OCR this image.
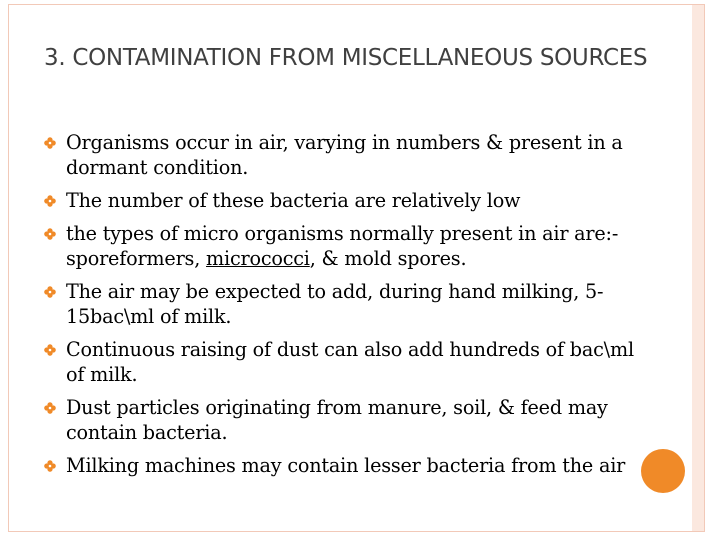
3. CONTAMINATION FROM MISCELLANEOUS SOURCES
Organisms occur in air, varying in numbers & present in a dormant condition.
The number of these bacteria are relatively low
the types of micro organisms normally present in air are:- sporeformers, micrococci, & mold spores.
The air may be expected to add, during hand milking, 5-15bac\ml of milk.
Continuous raising of dust can also add hundreds of bac\ml of milk.
Dust particles originating from manure, soil, & feed may contain bacteria.
Milking machines may contain lesser bacteria from the air
